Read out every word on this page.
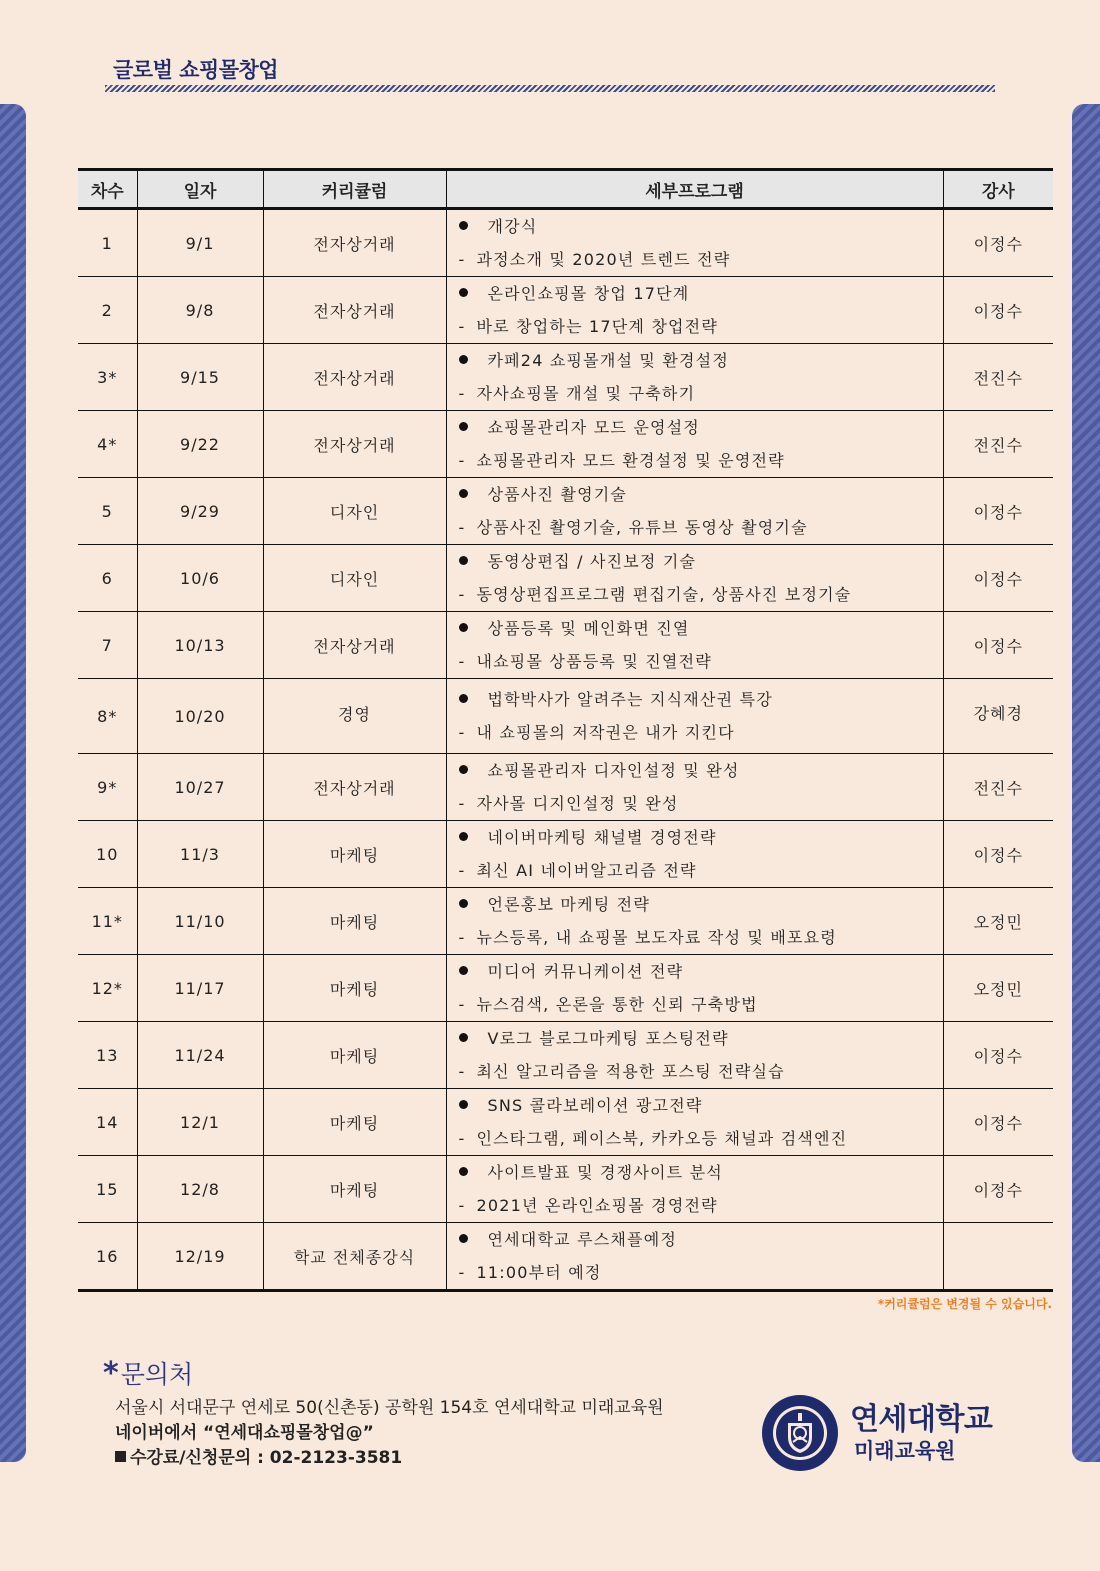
글로벌 쇼핑몰창업
차수	일자	커리큘럼	세부프로그램	강사
1	9/1	전자상거래	개강식
- 과정소개 및 2020년 트렌드 전략	이정수
2	9/8	전자상거래	온라인쇼핑몰 창업 17단계
- 바로 창업하는 17단계 창업전략	이정수
3*	9/15	전자상거래	카페24 쇼핑몰개설 및 환경설정
- 자사쇼핑몰 개설 및 구축하기	전진수
4*	9/22	전자상거래	쇼핑몰관리자 모드 운영설정
- 쇼핑몰관리자 모드 환경설정 및 운영전략	전진수
5	9/29	디자인	상품사진 촬영기술
- 상품사진 촬영기술, 유튜브 동영상 촬영기술	이정수
6	10/6	디자인	동영상편집 / 사진보정 기술
- 동영상편집프로그램 편집기술, 상품사진 보정기술	이정수
7	10/13	전자상거래	상품등록 및 메인화면 진열
- 내쇼핑몰 상품등록 및 진열전략	이정수
8*	10/20	경영	법학박사가 알려주는 지식재산권 특강
- 내 쇼핑몰의 저작권은 내가 지킨다	강혜경
9*	10/27	전자상거래	쇼핑몰관리자 디자인설정 및 완성
- 자사몰 디지인설정 및 완성	전진수
10	11/3	마케팅	네이버마케팅 채널별 경영전략
- 최신 AI 네이버알고리즘 전략	이정수
11*	11/10	마케팅	언론홍보 마케팅 전략
- 뉴스등록, 내 쇼핑몰 보도자료 작성 및 배포요령	오정민
12*	11/17	마케팅	미디어 커뮤니케이션 전략
- 뉴스검색, 온론을 통한 신뢰 구축방법	오정민
13	11/24	마케팅	V로그 블로그마케팅 포스팅전략
- 최신 알고리즘을 적용한 포스팅 전략실습	이정수
14	12/1	마케팅	SNS 콜라보레이션 광고전략
- 인스타그램, 페이스북, 카카오등 채널과 검색엔진	이정수
15	12/8	마케팅	사이트발표 및 경쟁사이트 분석
- 2021년 온라인쇼핑몰 경영전략	이정수
16	12/19	학교 전체종강식	연세대학교 루스채플예정
- 11:00부터 예정	

*커리큘럼은 변경될 수 있습니다.
* 문의처
서울시 서대문구 연세로 50(신촌동) 공학원 154호 연세대학교 미래교육원
네이버에서 “연세대쇼핑몰창업@”
수강료/신청문의 : 02-2123-3581
연세대학교
미래교육원
